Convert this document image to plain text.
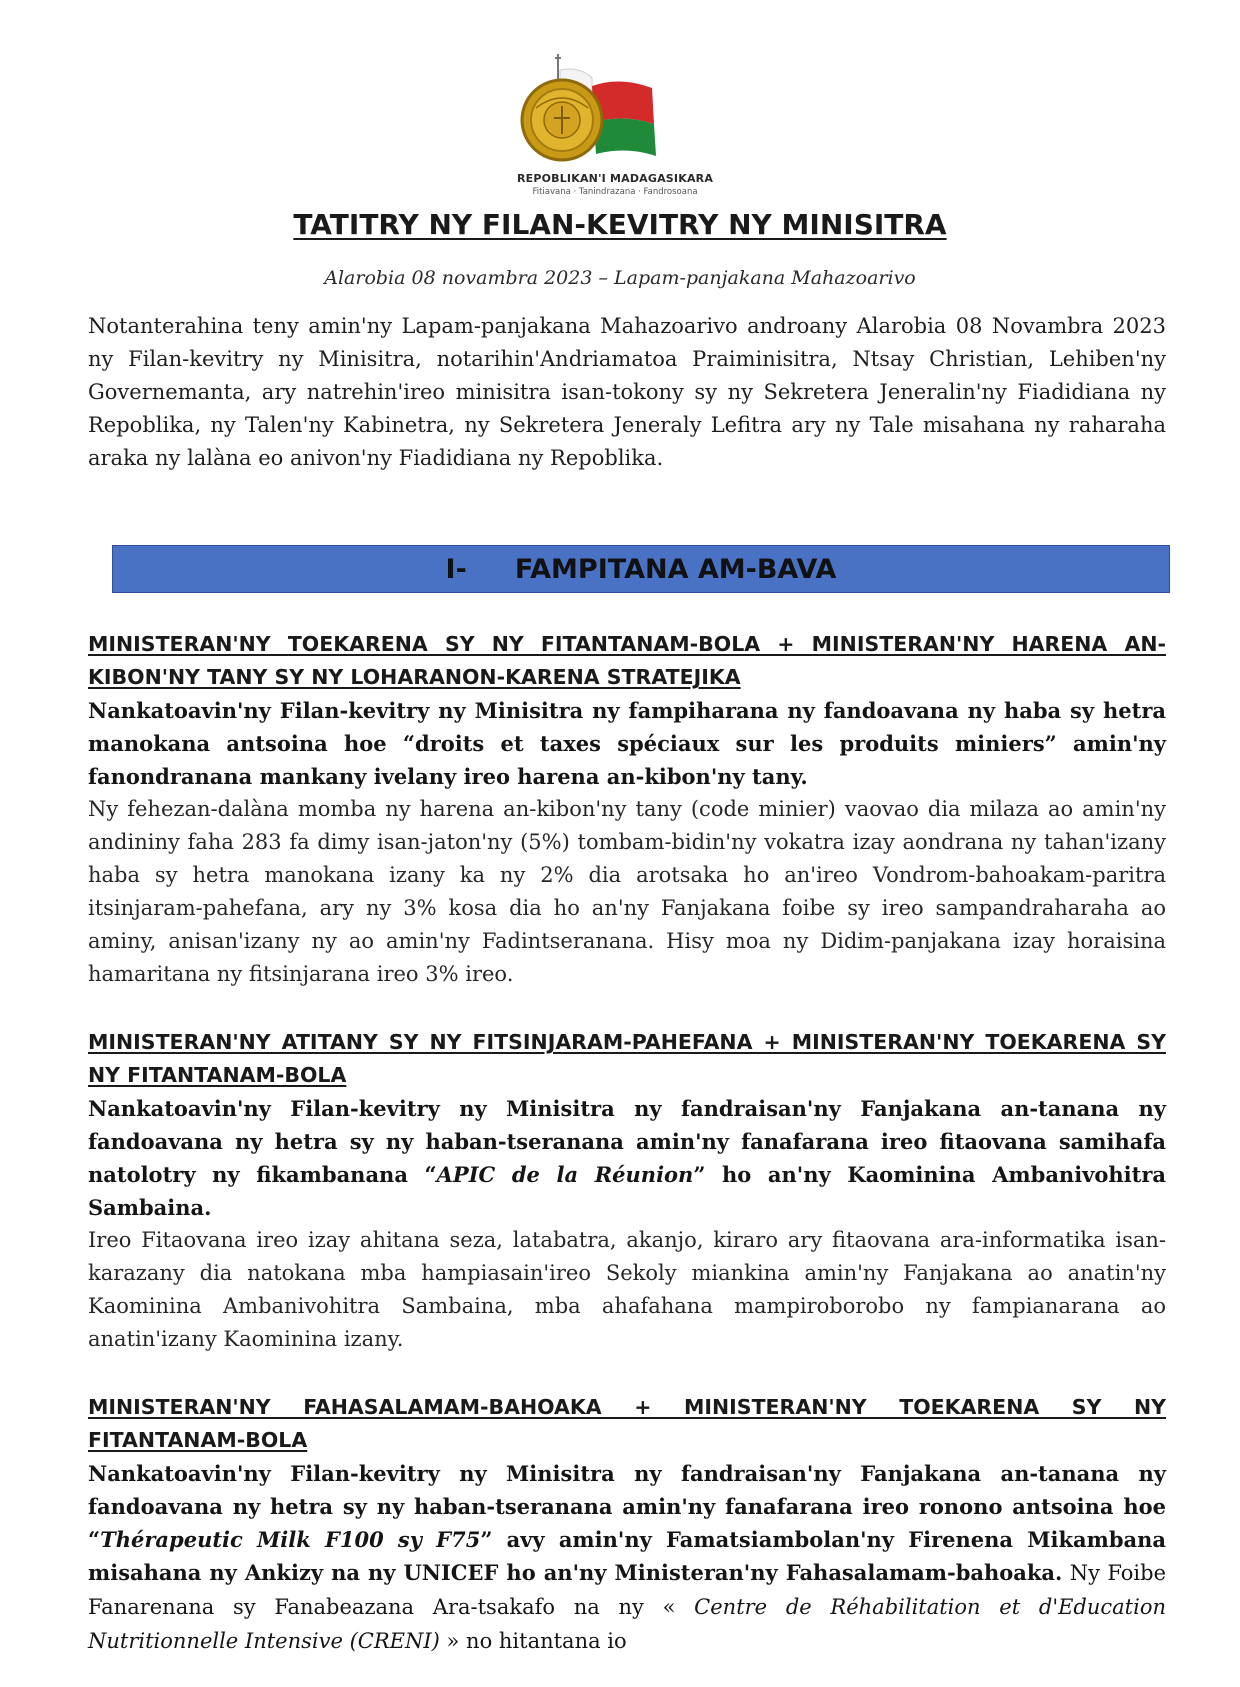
REPOBLIKAN'I MADAGASIKARA
Fitiavana · Tanindrazana · Fandrosoana
TATITRY NY FILAN-KEVITRY NY MINISITRA
Alarobia 08 novambra 2023 – Lapam-panjakana Mahazoarivo
Notanterahina teny amin'ny Lapam-panjakana Mahazoarivo androany Alarobia 08 Novambra 2023 ny Filan-kevitry ny Minisitra, notarihin'Andriamatoa Praiminisitra, Ntsay Christian, Lehiben'ny Governemanta, ary natrehin'ireo minisitra isan-tokony sy ny Sekretera Jeneralin'ny Fiadidiana ny Repoblika, ny Talen'ny Kabinetra, ny Sekretera Jeneraly Lefitra ary ny Tale misahana ny raharaha araka ny lalàna eo anivon'ny Fiadidiana ny Repoblika.
I- FAMPITANA AM-BAVA
MINISTERAN'NY TOEKARENA SY NY FITANTANAM-BOLA + MINISTERAN'NY HARENA AN-KIBON'NY TANY SY NY LOHARANON-KARENA STRATEJIKA
Nankatoavin'ny Filan-kevitry ny Minisitra ny fampiharana ny fandoavana ny haba sy hetra manokana antsoina hoe “droits et taxes spéciaux sur les produits miniers” amin'ny fanondranana mankany ivelany ireo harena an-kibon'ny tany.
Ny fehezan-dalàna momba ny harena an-kibon'ny tany (code minier) vaovao dia milaza ao amin'ny andininy faha 283 fa dimy isan-jaton'ny (5%) tombam-bidin'ny vokatra izay aondrana ny tahan'izany haba sy hetra manokana izany ka ny 2% dia arotsaka ho an'ireo Vondrom-bahoakam-paritra itsinjaram-pahefana, ary ny 3% kosa dia ho an'ny Fanjakana foibe sy ireo sampandraharaha ao aminy, anisan'izany ny ao amin'ny Fadintseranana. Hisy moa ny Didim-panjakana izay horaisina hamaritana ny fitsinjarana ireo 3% ireo.
MINISTERAN'NY ATITANY SY NY FITSINJARAM-PAHEFANA + MINISTERAN'NY TOEKARENA SY NY FITANTANAM-BOLA
Nankatoavin'ny Filan-kevitry ny Minisitra ny fandraisan'ny Fanjakana an-tanana ny fandoavana ny hetra sy ny haban-tseranana amin'ny fanafarana ireo fitaovana samihafa natolotry ny fikambanana “APIC de la Réunion” ho an'ny Kaominina Ambanivohitra Sambaina.
Ireo Fitaovana ireo izay ahitana seza, latabatra, akanjo, kiraro ary fitaovana ara-informatika isan-karazany dia natokana mba hampiasain'ireo Sekoly miankina amin'ny Fanjakana ao anatin'ny Kaominina Ambanivohitra Sambaina, mba ahafahana mampiroborobo ny fampianarana ao anatin'izany Kaominina izany.
MINISTERAN'NY FAHASALAMAM-BAHOAKA + MINISTERAN'NY TOEKARENA SY NY FITANTANAM-BOLA
Nankatoavin'ny Filan-kevitry ny Minisitra ny fandraisan'ny Fanjakana an-tanana ny fandoavana ny hetra sy ny haban-tseranana amin'ny fanafarana ireo ronono antsoina hoe “Thérapeutic Milk F100 sy F75” avy amin'ny Famatsiambolan'ny Firenena Mikambana misahana ny Ankizy na ny UNICEF ho an'ny Ministeran'ny Fahasalamam-bahoaka. Ny Foibe Fanarenana sy Fanabeazana Ara-tsakafo na ny « Centre de Réhabilitation et d'Education Nutritionnelle Intensive (CRENI) » no hitantana io
